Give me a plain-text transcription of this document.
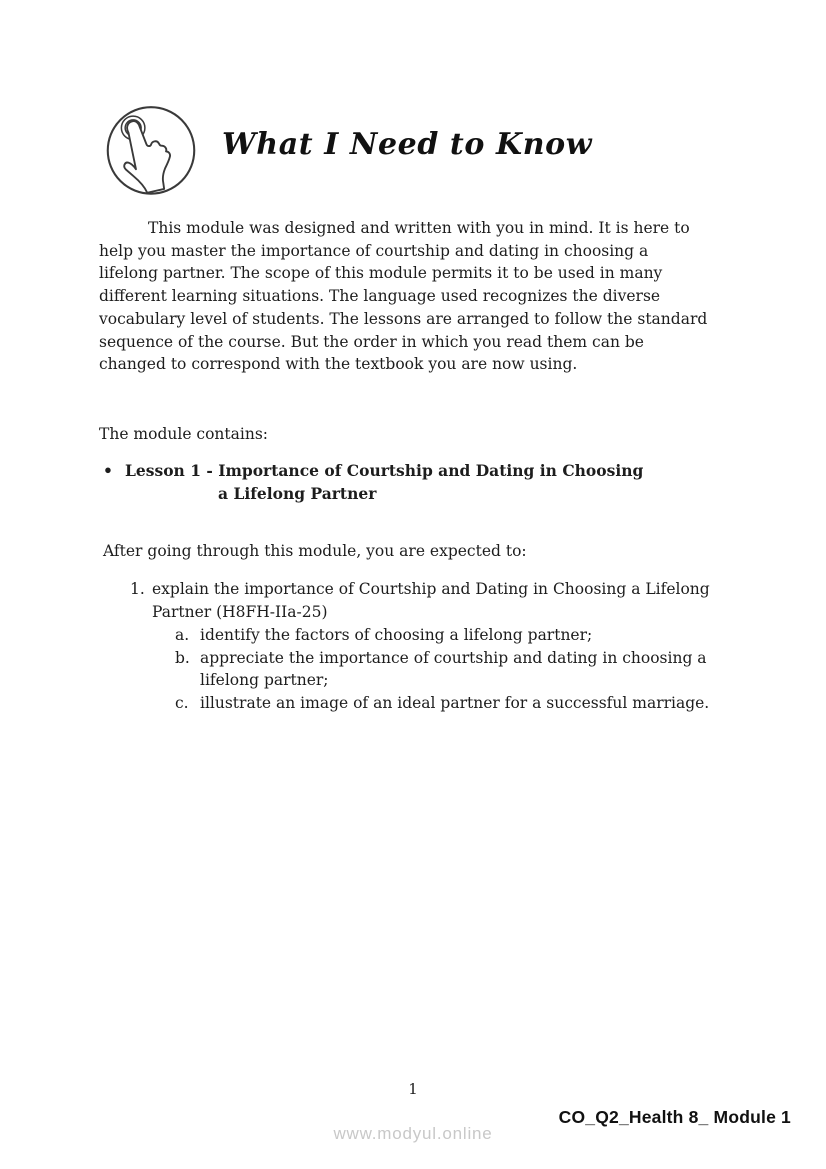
What I Need to Know
This module was designed and written with you in mind. It is here to
help you master the importance of courtship and dating in choosing a
lifelong partner. The scope of this module permits it to be used in many
different learning situations. The language used recognizes the diverse
vocabulary level of students. The lessons are arranged to follow the standard
sequence of the course. But the order in which you read them can be
changed to correspond with the textbook you are now using.
The module contains:
• Lesson 1 - Importance of Courtship and Dating in Choosing
a Lifelong Partner
After going through this module, you are expected to:
1. explain the importance of Courtship and Dating in Choosing a Lifelong
Partner (H8FH-IIa-25)
a. identify the factors of choosing a lifelong partner;
b. appreciate the importance of courtship and dating in choosing a
lifelong partner;
c. illustrate an image of an ideal partner for a successful marriage.
1
CO_Q2_Health 8_ Module 1
www.modyul.online
